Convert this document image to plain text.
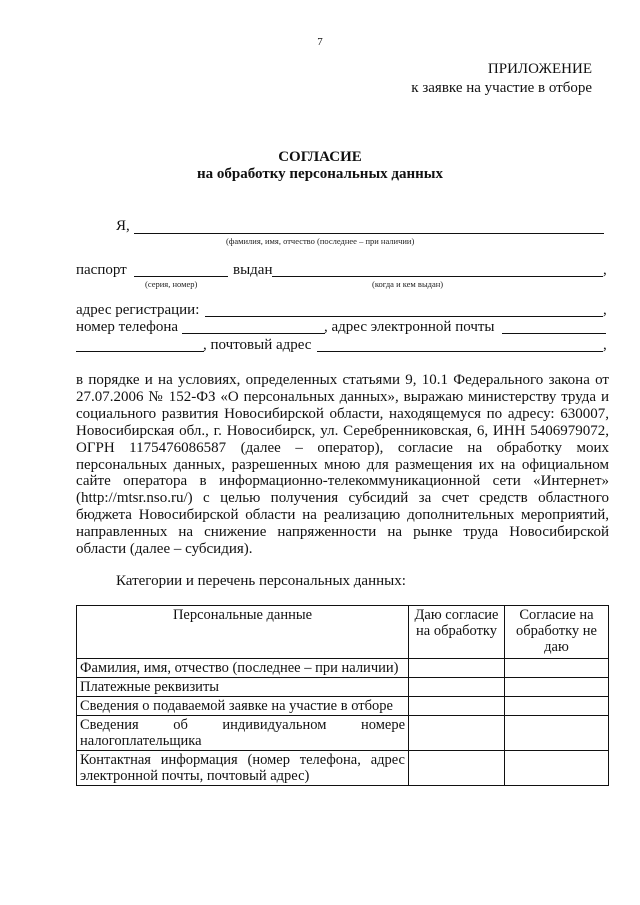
7
ПРИЛОЖЕНИЕ
к заявке на участие в отборе
СОГЛАСИЕ
на обработку персональных данных
Я,
(фамилия, имя, отчество (последнее – при наличии)
паспорт	выдан	,
(серия, номер)	(когда и кем выдан)
адрес регистрации:	,
номер телефона	, адрес электронной почты
, почтовый адрес	,
в порядке и на условиях, определенных статьями 9, 10.1 Федерального закона от 27.07.2006 № 152-ФЗ «О персональных данных», выражаю министерству труда и социального развития Новосибирской области, находящемуся по адресу: 630007, Новосибирская обл., г. Новосибирск, ул. Серебренниковская, 6, ИНН 5406979072, ОГРН 1175476086587 (далее – оператор), согласие на обработку моих персональных данных, разрешенных мною для размещения их на официальном сайте оператора в информационно-телекоммуникационной сети «Интернет» (http://mtsr.nso.ru/) с целью получения субсидий за счет средств областного бюджета Новосибирской области на реализацию дополнительных мероприятий, направленных на снижение напряженности на рынке труда Новосибирской области (далее – субсидия).
Категории и перечень персональных данных:
Персональные данные	Даю согласие на обработку	Согласие на обработку не даю
Фамилия, имя, отчество (последнее – при наличии)		
Платежные реквизиты		
Сведения о подаваемой заявке на участие в отборе		
Сведения об индивидуальном номере налогоплательщика		
Контактная информация (номер телефона, адрес электронной почты, почтовый адрес)		
